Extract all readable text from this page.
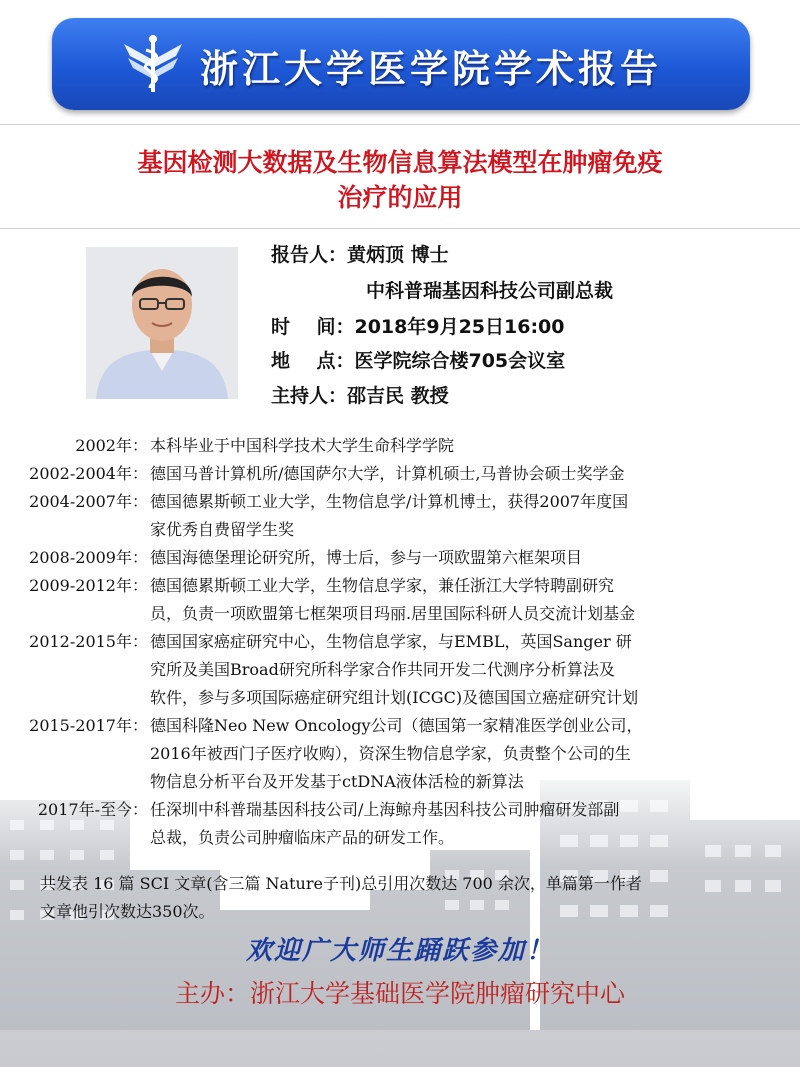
浙江大学医学院学术报告
基因检测大数据及生物信息算法模型在肿瘤免疫
治疗的应用
报告人：黄炳顶 博士
中科普瑞基因科技公司副总裁
时    间：2018年9月25日16:00
地    点：医学院综合楼705会议室
主持人：邵吉民 教授
2002年： 本科毕业于中国科学技术大学生命科学学院
2002-2004年： 德国马普计算机所/德国萨尔大学，计算机硕士,马普协会硕士奖学金
2004-2007年： 德国德累斯顿工业大学，生物信息学/计算机博士，获得2007年度国
家优秀自费留学生奖
2008-2009年： 德国海德堡理论研究所，博士后，参与一项欧盟第六框架项目
2009-2012年： 德国德累斯顿工业大学，生物信息学家，兼任浙江大学特聘副研究
员，负责一项欧盟第七框架项目玛丽.居里国际科研人员交流计划基金
2012-2015年： 德国国家癌症研究中心，生物信息学家，与EMBL，英国Sanger 研
究所及美国Broad研究所科学家合作共同开发二代测序分析算法及
软件，参与多项国际癌症研究组计划(ICGC)及德国国立癌症研究计划
2015-2017年： 德国科隆Neo New Oncology公司（德国第一家精准医学创业公司，
2016年被西门子医疗收购），资深生物信息学家，负责整个公司的生
物信息分析平台及开发基于ctDNA液体活检的新算法
2017年-至今： 任深圳中科普瑞基因科技公司/上海鲸舟基因科技公司肿瘤研发部副
总裁，负责公司肿瘤临床产品的研发工作。
共发表 16 篇 SCI 文章(含三篇 Nature子刊)总引用次数达 700 余次，单篇第一作者
文章他引次数达350次。
欢迎广大师生踊跃参加！
主办：浙江大学基础医学院肿瘤研究中心
